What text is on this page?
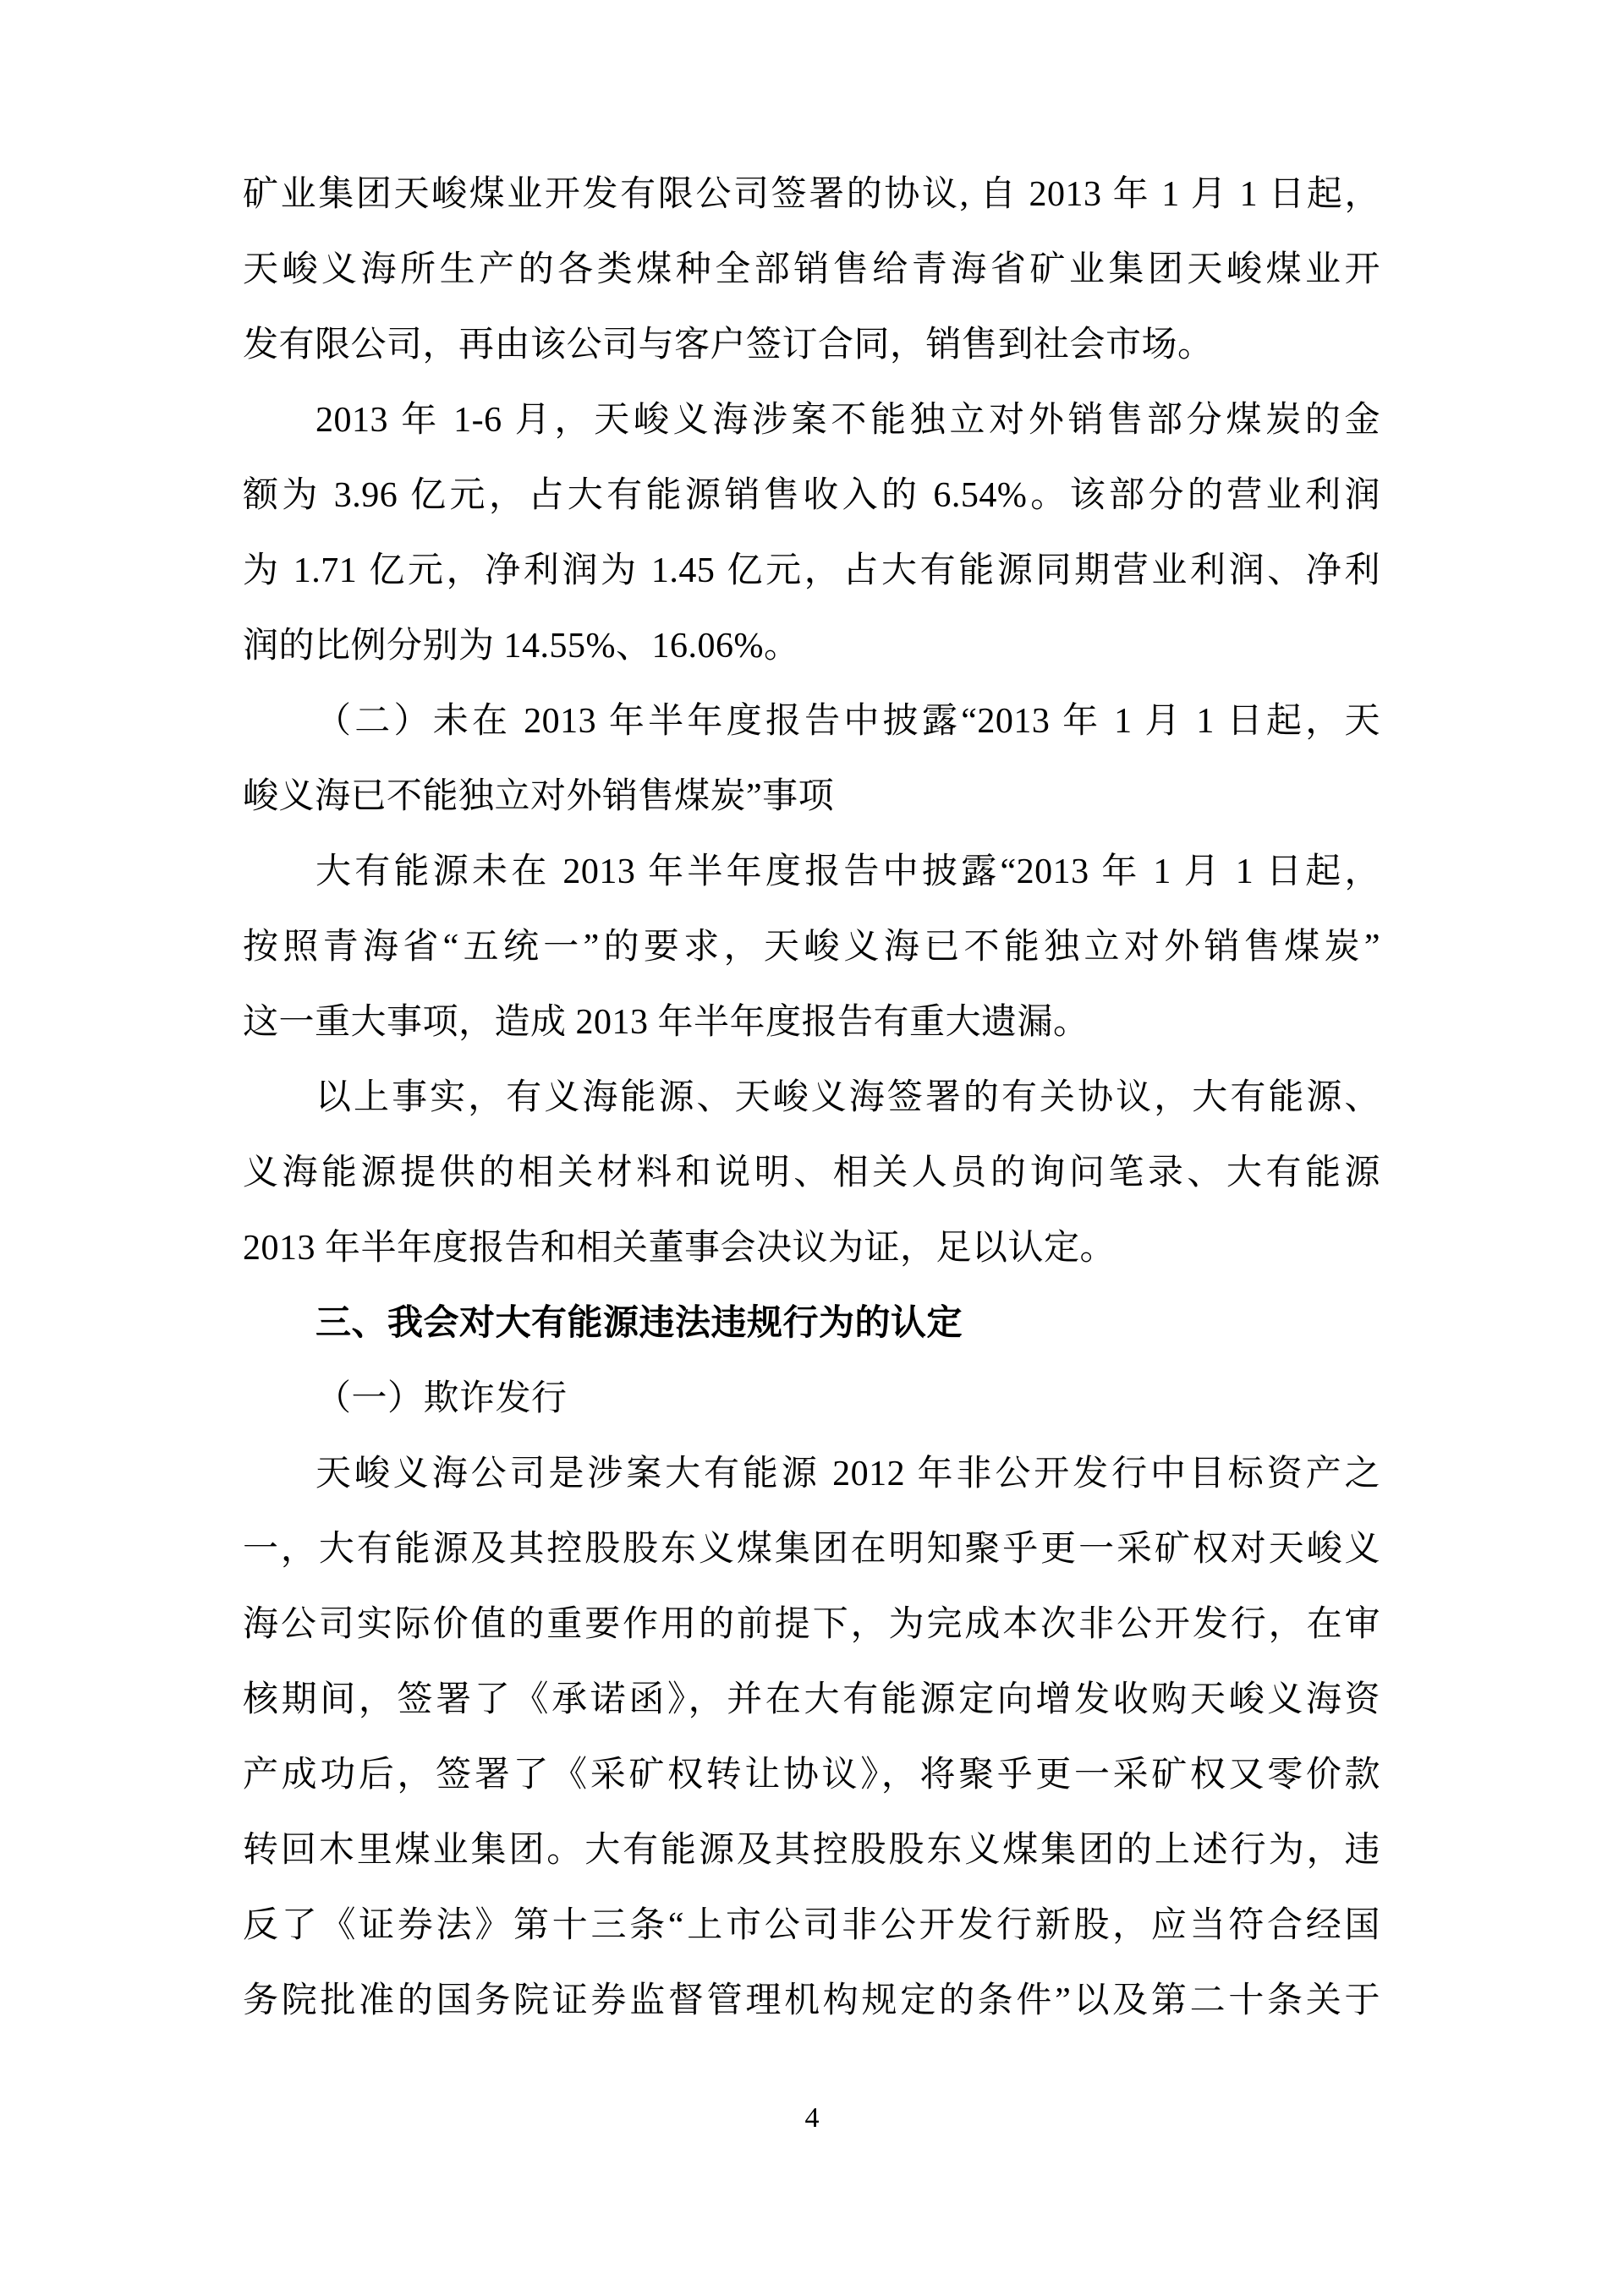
矿业集团天峻煤业开发有限公司签署的协议, 自 2013 年 1 月 1 日起，
天峻义海所生产的各类煤种全部销售给青海省矿业集团天峻煤业开
发有限公司，再由该公司与客户签订合同，销售到社会市场。
2013 年 1-6 月，天峻义海涉案不能独立对外销售部分煤炭的金
额为 3.96 亿元，占大有能源销售收入的 6.54%。该部分的营业利润
为 1.71 亿元，净利润为 1.45 亿元，占大有能源同期营业利润、净利
润的比例分别为 14.55%、16.06%。
（二）未在 2013 年半年度报告中披露“2013 年 1 月 1 日起，天
峻义海已不能独立对外销售煤炭”事项
大有能源未在 2013 年半年度报告中披露“2013 年 1 月 1 日起，
按照青海省“五统一”的要求，天峻义海已不能独立对外销售煤炭”
这一重大事项，造成 2013 年半年度报告有重大遗漏。
以上事实，有义海能源、天峻义海签署的有关协议，大有能源、
义海能源提供的相关材料和说明、相关人员的询问笔录、大有能源
2013 年半年度报告和相关董事会决议为证，足以认定。
三、我会对大有能源违法违规行为的认定
（一）欺诈发行
天峻义海公司是涉案大有能源 2012 年非公开发行中目标资产之
一，大有能源及其控股股东义煤集团在明知聚乎更一采矿权对天峻义
海公司实际价值的重要作用的前提下，为完成本次非公开发行，在审
核期间，签署了《承诺函》，并在大有能源定向增发收购天峻义海资
产成功后，签署了《采矿权转让协议》，将聚乎更一采矿权又零价款
转回木里煤业集团。大有能源及其控股股东义煤集团的上述行为，违
反了《证券法》第十三条“上市公司非公开发行新股，应当符合经国
务院批准的国务院证券监督管理机构规定的条件”以及第二十条关于
4
